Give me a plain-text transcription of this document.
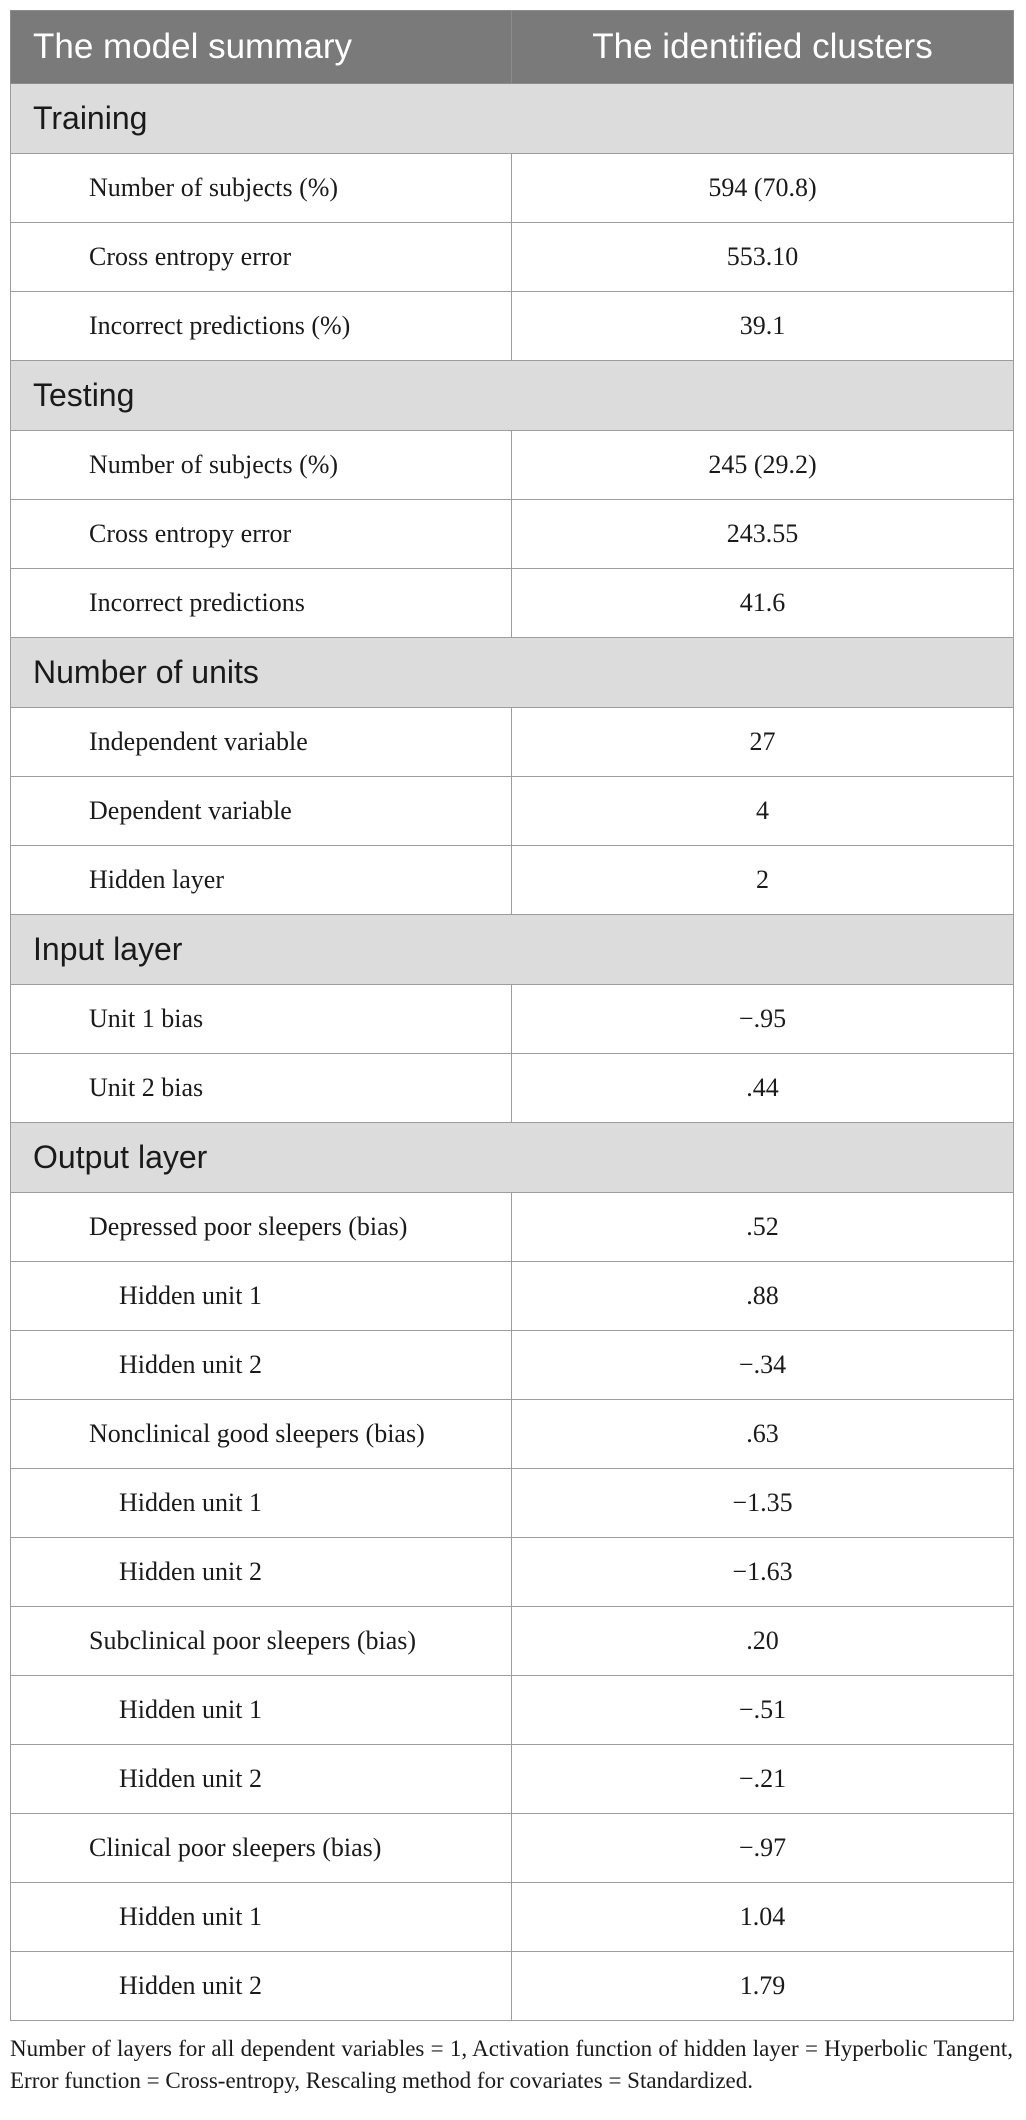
The model summary	The identified clusters
Training	
Number of subjects (%)	594 (70.8)
Cross entropy error	553.10
Incorrect predictions (%)	39.1
Testing	
Number of subjects (%)	245 (29.2)
Cross entropy error	243.55
Incorrect predictions	41.6
Number of units	
Independent variable	27
Dependent variable	4
Hidden layer	2
Input layer	
Unit 1 bias	−.95
Unit 2 bias	.44
Output layer	
Depressed poor sleepers (bias)	.52
Hidden unit 1	.88
Hidden unit 2	−.34
Nonclinical good sleepers (bias)	.63
Hidden unit 1	−1.35
Hidden unit 2	−1.63
Subclinical poor sleepers (bias)	.20
Hidden unit 1	−.51
Hidden unit 2	−.21
Clinical poor sleepers (bias)	−.97
Hidden unit 1	1.04
Hidden unit 2	1.79
Number of layers for all dependent variables = 1, Activation function of hidden layer = Hyperbolic Tangent, Error function = Cross-entropy, Rescaling method for covariates = Standardized.
